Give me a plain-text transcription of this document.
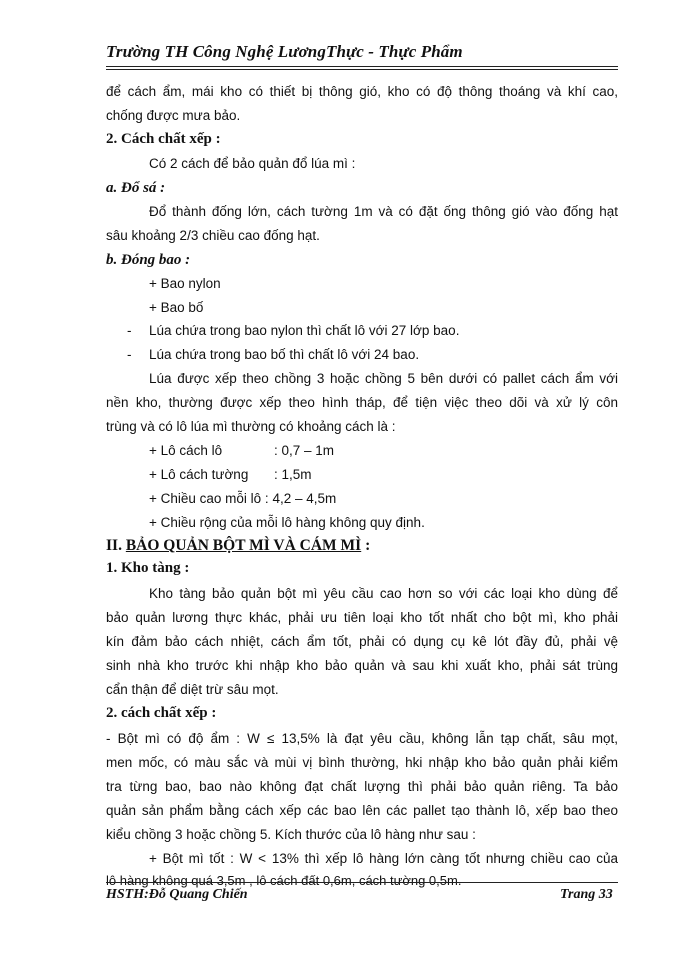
Trường TH Công Nghệ LươngThực - Thực Phẩm
để cách ẩm, mái kho có thiết bị thông gió, kho có độ thông thoáng và khí cao,
chống được mưa bảo.
2. Cách chất xếp :
Có 2 cách để bảo quản đổ lúa mì :
a. Đổ sá :
Đổ thành đống lớn, cách tường 1m và có đặt ống thông gió vào đống hạt
sâu khoảng 2/3 chiều cao đống hạt.
b. Đóng bao :
+ Bao nylon
+ Bao bố
- Lúa chứa trong bao nylon thì chất lô với 27 lớp bao.
- Lúa chứa trong bao bố thì chất lô với 24 bao.
Lúa được xếp theo chồng 3 hoặc chồng 5 bên dưới có pallet cách ẩm với
nền kho, thường được xếp theo hình tháp, để tiện việc theo dõi và xử lý côn
trùng và có lô lúa mì thường có khoảng cách là :
+ Lô cách lô	: 0,7 – 1m
+ Lô cách tường : 1,5m
+ Chiều cao mỗi lô : 4,2 – 4,5m
+ Chiều rộng của mỗi lô hàng không quy định.
II. BẢO QUẢN BỘT MÌ VÀ CÁM MÌ :
1. Kho tàng :
Kho tàng bảo quản bột mì yêu cầu cao hơn so với các loại kho dùng để
bảo quản lương thực khác, phải ưu tiên loại kho tốt nhất cho bột mì, kho phải
kín đảm bảo cách nhiệt, cách ẩm tốt, phải có dụng cụ kê lót đầy đủ, phải vệ
sinh nhà kho trước khi nhập kho bảo quản và sau khi xuất kho, phải sát trùng
cẩn thận để diệt trừ sâu mọt.
2. cách chất xếp :
- Bột mì có độ ẩm : W ≤ 13,5% là đạt yêu cầu, không lẫn tạp chất, sâu mọt,
men mốc, có màu sắc và mùi vị bình thường, hki nhập kho bảo quản phải kiểm
tra từng bao, bao nào không đạt chất lượng thì phải bảo quản riêng. Ta bảo
quản sản phẩm bằng cách xếp các bao lên các pallet tạo thành lô, xếp bao theo
kiểu chồng 3 hoặc chồng 5. Kích thước của lô hàng như sau :
+ Bột mì tốt : W < 13% thì xếp lô hàng lớn càng tốt nhưng chiều cao của
lô hàng không quá 3,5m , lô cách đất 0,6m, cách tường 0,5m.
HSTH:Đỗ Quang Chiến	Trang 33
